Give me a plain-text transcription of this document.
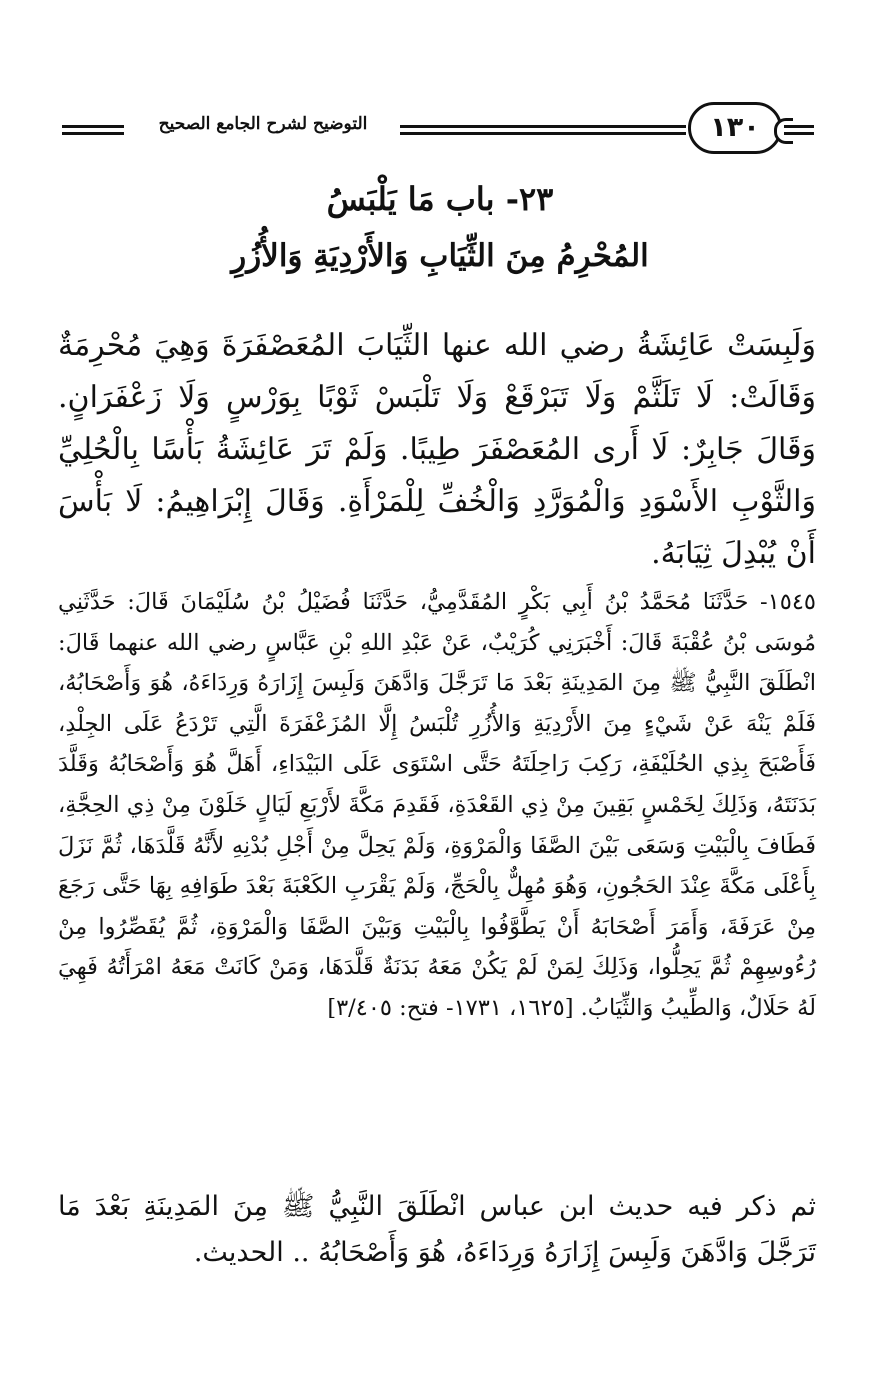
التوضيح لشرح الجامع الصحيح	١٣٠
٢٣- باب مَا يَلْبَسُ
المُحْرِمُ مِنَ الثِّيَابِ وَالأَرْدِيَةِ وَالأُزُرِ
وَلَبِسَتْ عَائِشَةُ رضي الله عنها الثِّيَابَ المُعَصْفَرَةَ وَهِيَ مُحْرِمَةٌ وَقَالَتْ: لَا تَلَثَّمْ وَلَا تَبَرْقَعْ وَلَا تَلْبَسْ ثَوْبًا بِوَرْسٍ وَلَا زَعْفَرَانٍ. وَقَالَ جَابِرٌ: لَا أَرى المُعَصْفَرَ طِيبًا. وَلَمْ تَرَ عَائِشَةُ بَأْسًا بِالْحُلِيِّ وَالثَّوْبِ الأَسْوَدِ وَالْمُوَرَّدِ وَالْخُفِّ لِلْمَرْأَةِ. وَقَالَ إِبْرَاهِيمُ: لَا بَأْسَ أَنْ يُبْدِلَ ثِيَابَهُ.
١٥٤٥- حَدَّثَنَا مُحَمَّدُ بْنُ أَبِي بَكْرٍ المُقَدَّمِيُّ، حَدَّثَنَا فُضَيْلُ بْنُ سُلَيْمَانَ قَالَ: حَدَّثَنِي مُوسَى بْنُ عُقْبَةَ قَالَ: أَخْبَرَنِي كُرَيْبٌ، عَنْ عَبْدِ اللهِ بْنِ عَبَّاسٍ رضي الله عنهما قَالَ: انْطَلَقَ النَّبِيُّ ﷺ مِنَ المَدِينَةِ بَعْدَ مَا تَرَجَّلَ وَادَّهَنَ وَلَبِسَ إِزَارَهُ وَرِدَاءَهُ، هُوَ وَأَصْحَابُهُ، فَلَمْ يَنْهَ عَنْ شَيْءٍ مِنَ الأَرْدِيَةِ وَالأُزُرِ تُلْبَسُ إِلَّا المُزَعْفَرَةَ الَّتِي تَرْدَعُ عَلَى الجِلْدِ، فَأَصْبَحَ بِذِي الحُلَيْفَةِ، رَكِبَ رَاحِلَتَهُ حَتَّى اسْتَوَى عَلَى البَيْدَاءِ، أَهَلَّ هُوَ وَأَصْحَابُهُ وَقَلَّدَ بَدَنَتَهُ، وَذَلِكَ لِخَمْسٍ بَقِينَ مِنْ ذِي القَعْدَةِ، فَقَدِمَ مَكَّةَ لأَرْبَعِ لَيَالٍ خَلَوْنَ مِنْ ذِي الحِجَّةِ، فَطَافَ بِالْبَيْتِ وَسَعَى بَيْنَ الصَّفَا وَالْمَرْوَةِ، وَلَمْ يَحِلَّ مِنْ أَجْلِ بُدْنِهِ لأَنَّهُ قَلَّدَهَا، ثُمَّ نَزَلَ بِأَعْلَى مَكَّةَ عِنْدَ الحَجُونِ، وَهُوَ مُهِلٌّ بِالْحَجِّ، وَلَمْ يَقْرَبِ الكَعْبَةَ بَعْدَ طَوَافِهِ بِهَا حَتَّى رَجَعَ مِنْ عَرَفَةَ، وَأَمَرَ أَصْحَابَهُ أَنْ يَطَّوَّفُوا بِالْبَيْتِ وَبَيْنَ الصَّفَا وَالْمَرْوَةِ، ثُمَّ يُقَصِّرُوا مِنْ رُءُوسِهِمْ ثُمَّ يَحِلُّوا، وَذَلِكَ لِمَنْ لَمْ يَكُنْ مَعَهُ بَدَنَةٌ قَلَّدَهَا، وَمَنْ كَانَتْ مَعَهُ امْرَأَتُهُ فَهِيَ لَهُ حَلَالٌ، وَالطِّيبُ وَالثِّيَابُ. [١٦٢٥، ١٧٣١- فتح: ٣/٤٠٥]
ثم ذكر فيه حديث ابن عباس انْطَلَقَ النَّبِيُّ ﷺ مِنَ المَدِينَةِ بَعْدَ مَا تَرَجَّلَ وَادَّهَنَ وَلَبِسَ إِزَارَهُ وَرِدَاءَهُ، هُوَ وَأَصْحَابُهُ .. الحديث.
